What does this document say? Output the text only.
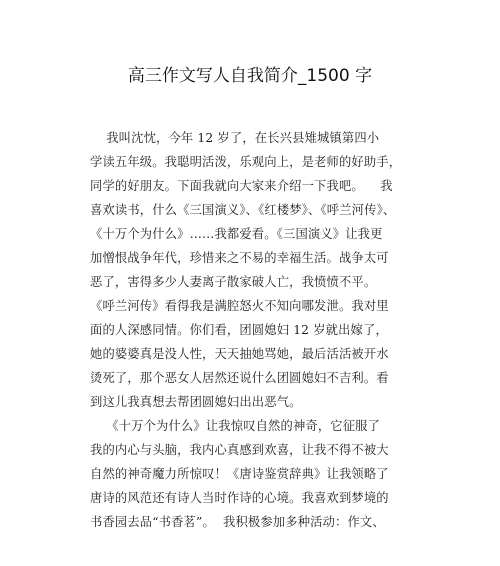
高三作文写人自我简介_1500 字
我叫沈忱，今年 12 岁了，在长兴县雉城镇第四小
学读五年级。我聪明活泼，乐观向上，是老师的好助手，
同学的好朋友。下面我就向大家来介绍一下我吧。    我
喜欢读书，什么《三国演义》、《红楼梦》、《呼兰河传》、
《十万个为什么》……我都爱看。《三国演义》让我更
加憎恨战争年代，珍惜来之不易的幸福生活。战争太可
恶了，害得多少人妻离子散家破人亡，我愤愤不平。
《呼兰河传》看得我是满腔怒火不知向哪发泄。我对里
面的人深感同情。你们看，团圆媳妇 12 岁就出嫁了，
她的婆婆真是没人性，天天抽她骂她，最后活活被开水
烫死了，那个恶女人居然还说什么团圆媳妇不吉利。看
到这儿我真想去帮团圆媳妇出出恶气。
《十万个为什么》让我惊叹自然的神奇，它征服了
我的内心与头脑，我内心真感到欢喜，让我不得不被大
自然的神奇魔力所惊叹！《唐诗鉴赏辞典》让我领略了
唐诗的风范还有诗人当时作诗的心境。我喜欢到梦境的
书香园去品“书香茗”。  我积极参加多种活动：作文、
